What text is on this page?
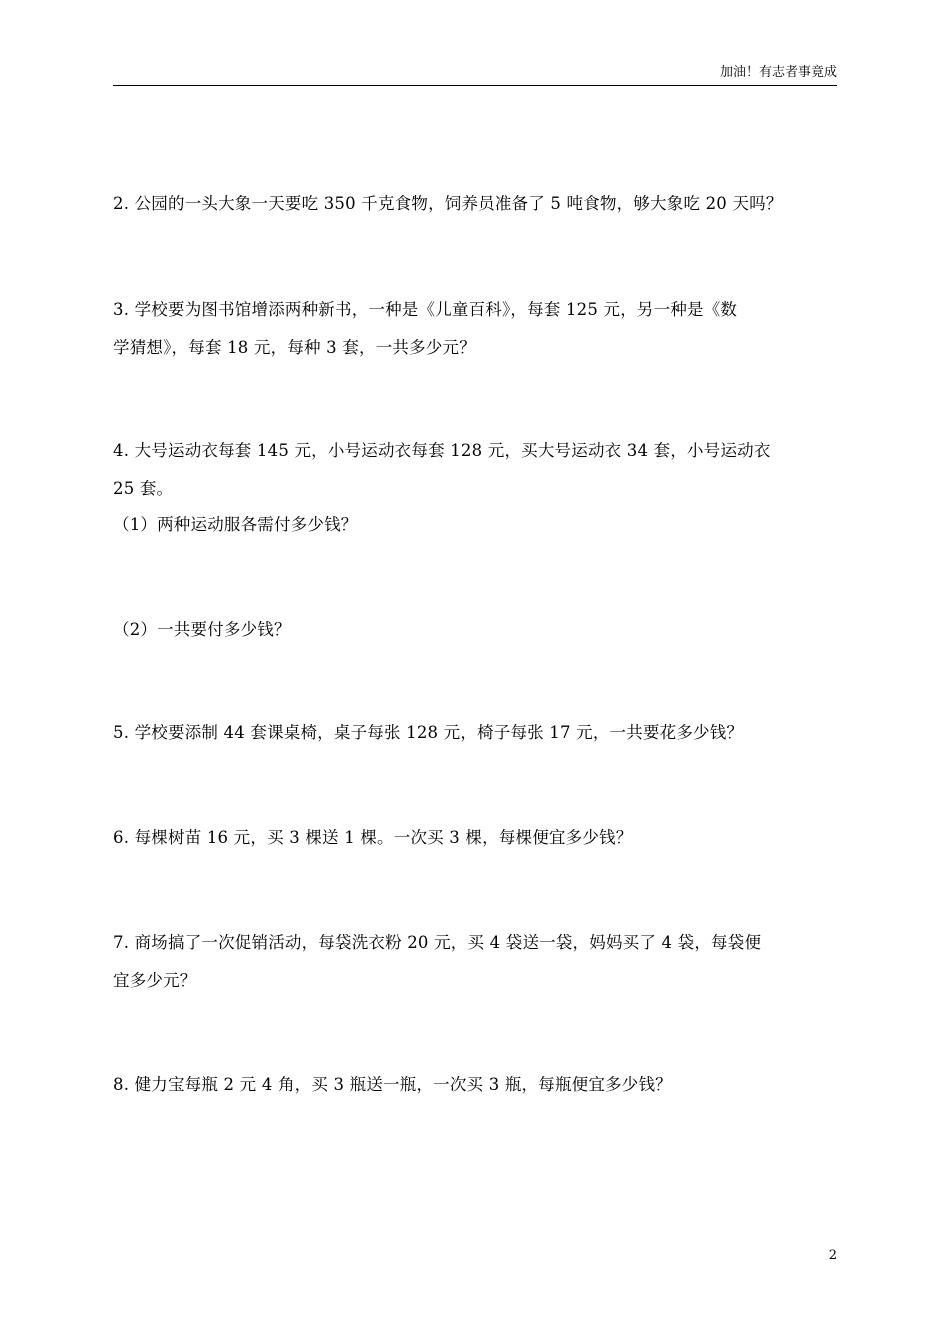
加油！有志者事竟成
2. 公园的一头大象一天要吃 350 千克食物，饲养员准备了 5 吨食物，够大象吃 20 天吗？
3. 学校要为图书馆增添两种新书，一种是《儿童百科》，每套 125 元，另一种是《数
学猜想》，每套 18 元，每种 3 套，一共多少元？
4. 大号运动衣每套 145 元，小号运动衣每套 128 元，买大号运动衣 34 套，小号运动衣
25 套。
（1）两种运动服各需付多少钱？
（2）一共要付多少钱？
5. 学校要添制 44 套课桌椅，桌子每张 128 元，椅子每张 17 元，一共要花多少钱？
6. 每棵树苗 16 元，买 3 棵送 1 棵。一次买 3 棵，每棵便宜多少钱？
7. 商场搞了一次促销活动，每袋洗衣粉 20 元，买 4 袋送一袋，妈妈买了 4 袋，每袋便
宜多少元？
8. 健力宝每瓶 2 元 4 角，买 3 瓶送一瓶，一次买 3 瓶，每瓶便宜多少钱？
2
